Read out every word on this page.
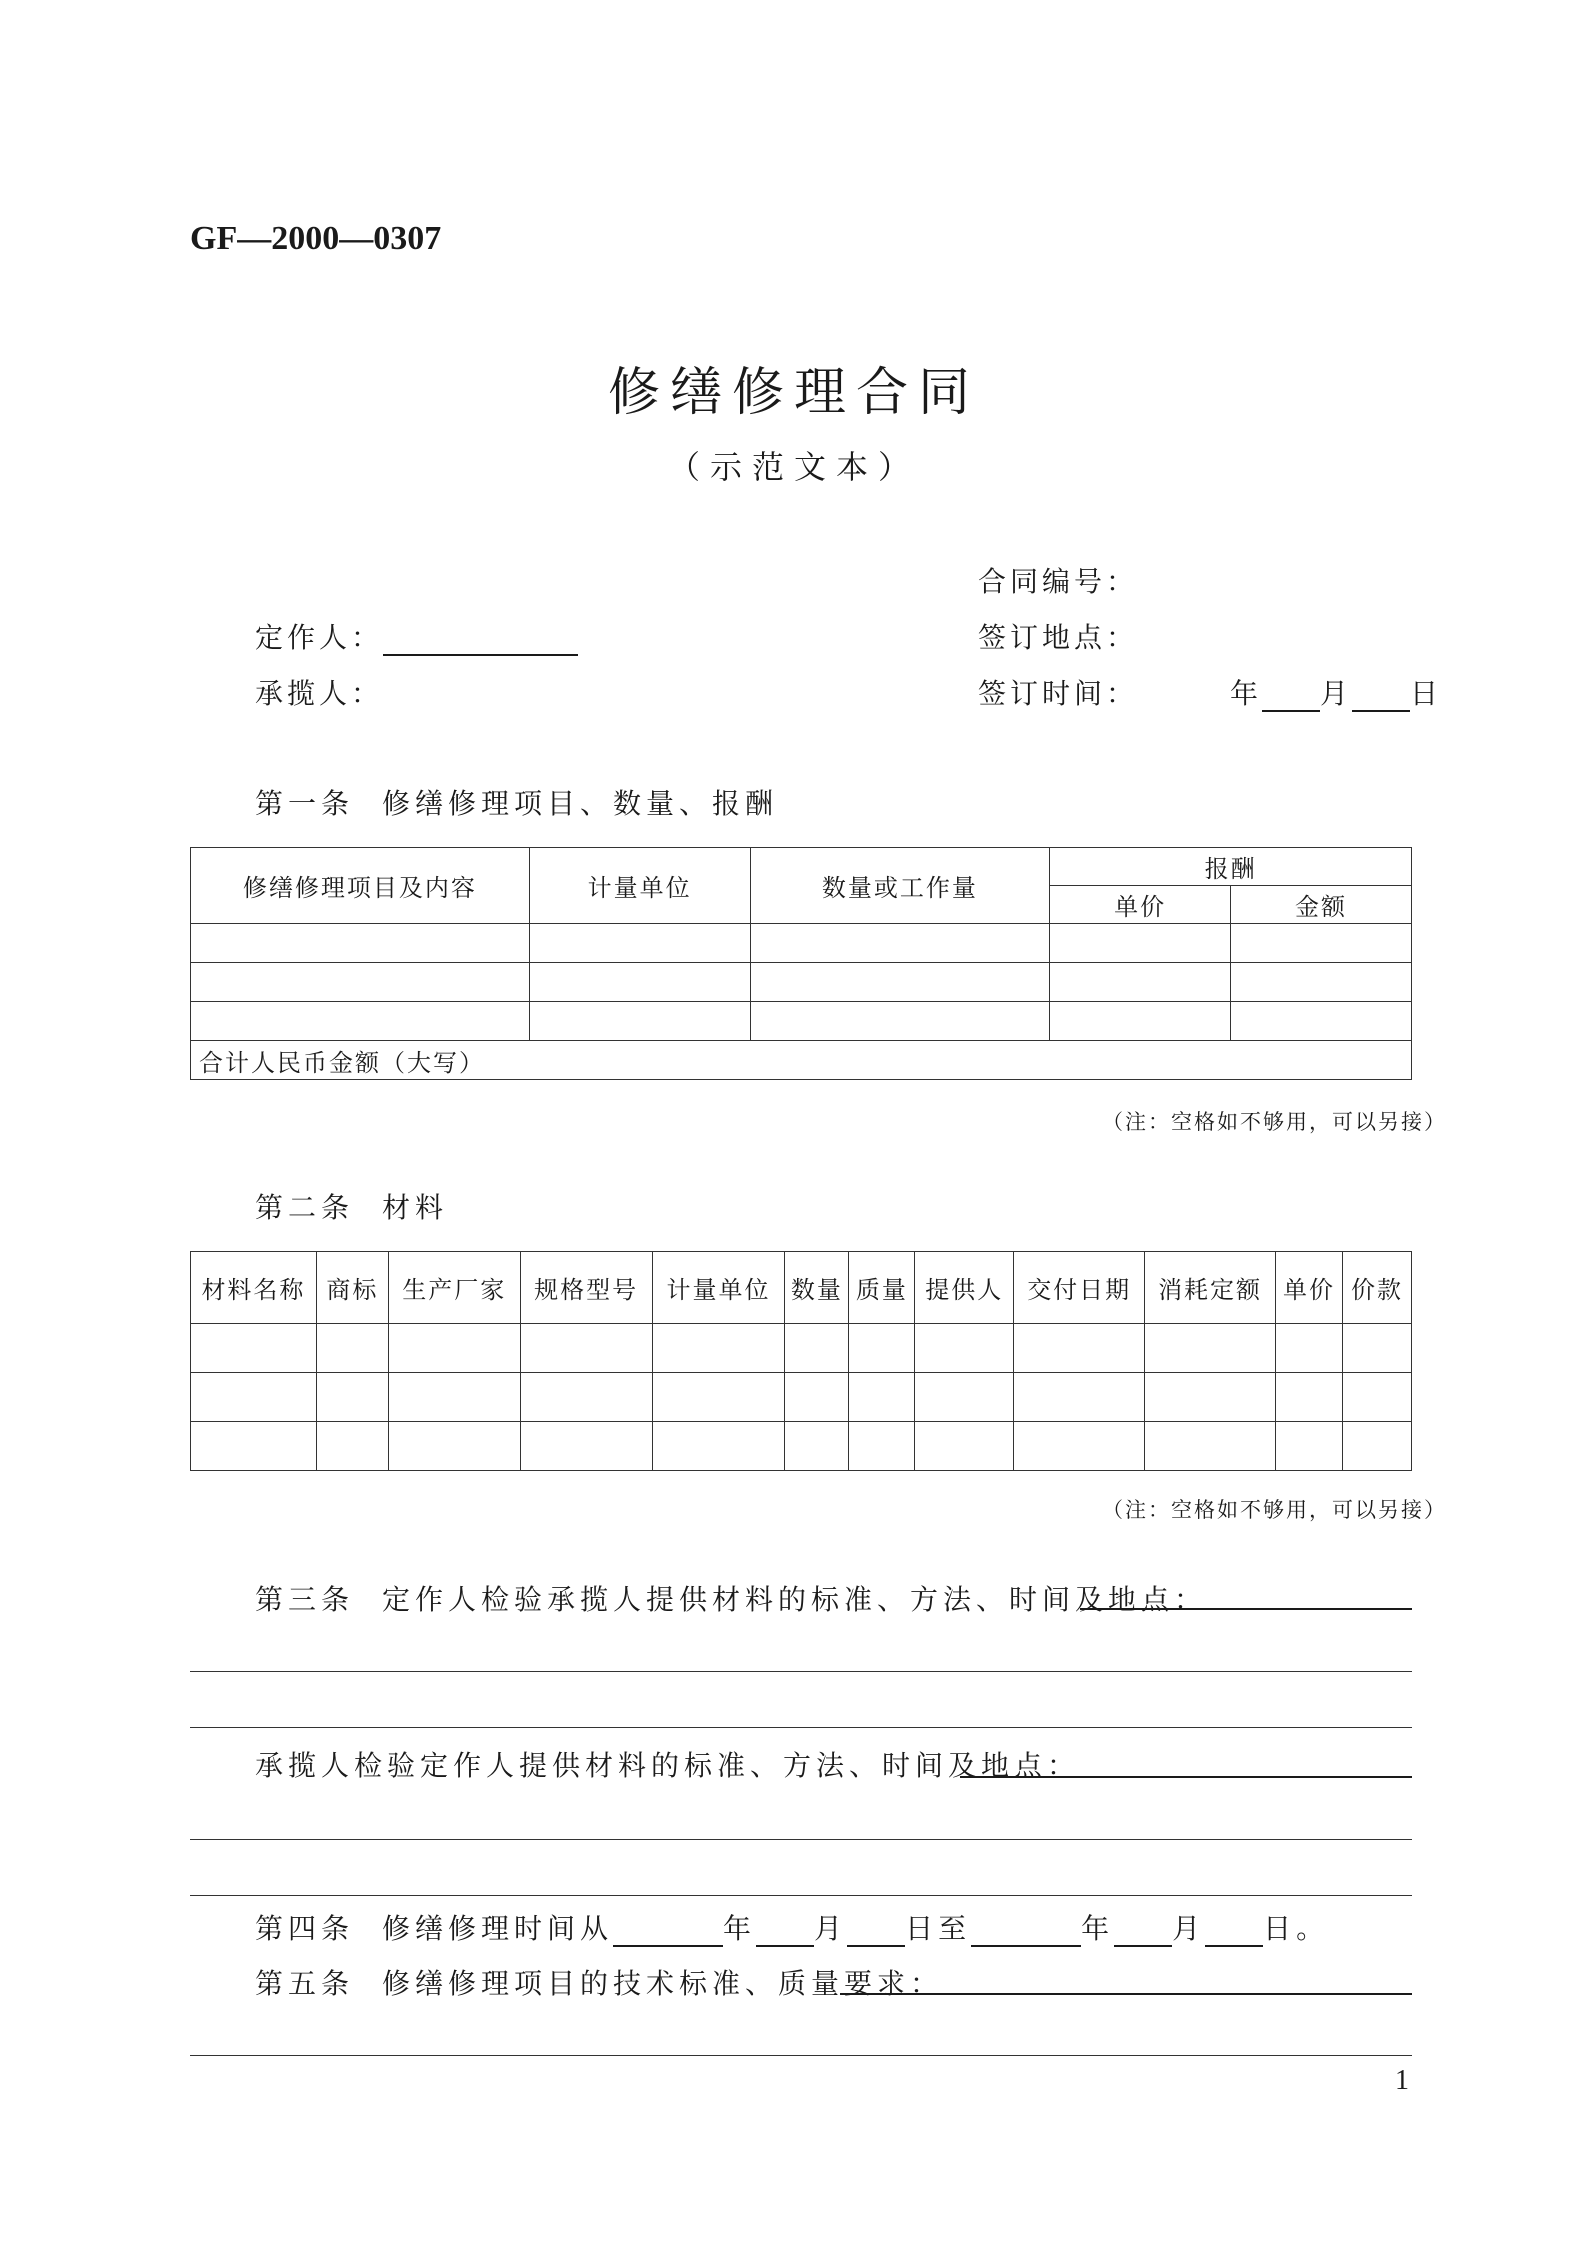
GF—2000—0307
修缮修理合同
（示范文本）
合同编号：
定作人：	签订地点：
承揽人：	签订时间：	年 月 日
第一条 修缮修理项目、数量、报酬
修缮修理项目及内容	计量单位	数量或工作量	报酬	
			单价	金额

合计人民币金额（大写）				
（注：空格如不够用，可以另接）
第二条 材料
材料名称	商标	生产厂家	规格型号	计量单位	数量	质量	提供人	交付日期	消耗定额	单价	价款

（注：空格如不够用，可以另接）
第三条 定作人检验承揽人提供材料的标准、方法、时间及地点：
承揽人检验定作人提供材料的标准、方法、时间及地点：
第四条 修缮修理时间从	年 月 日至	年 月 日。
第五条 修缮修理项目的技术标准、质量要求：
1
